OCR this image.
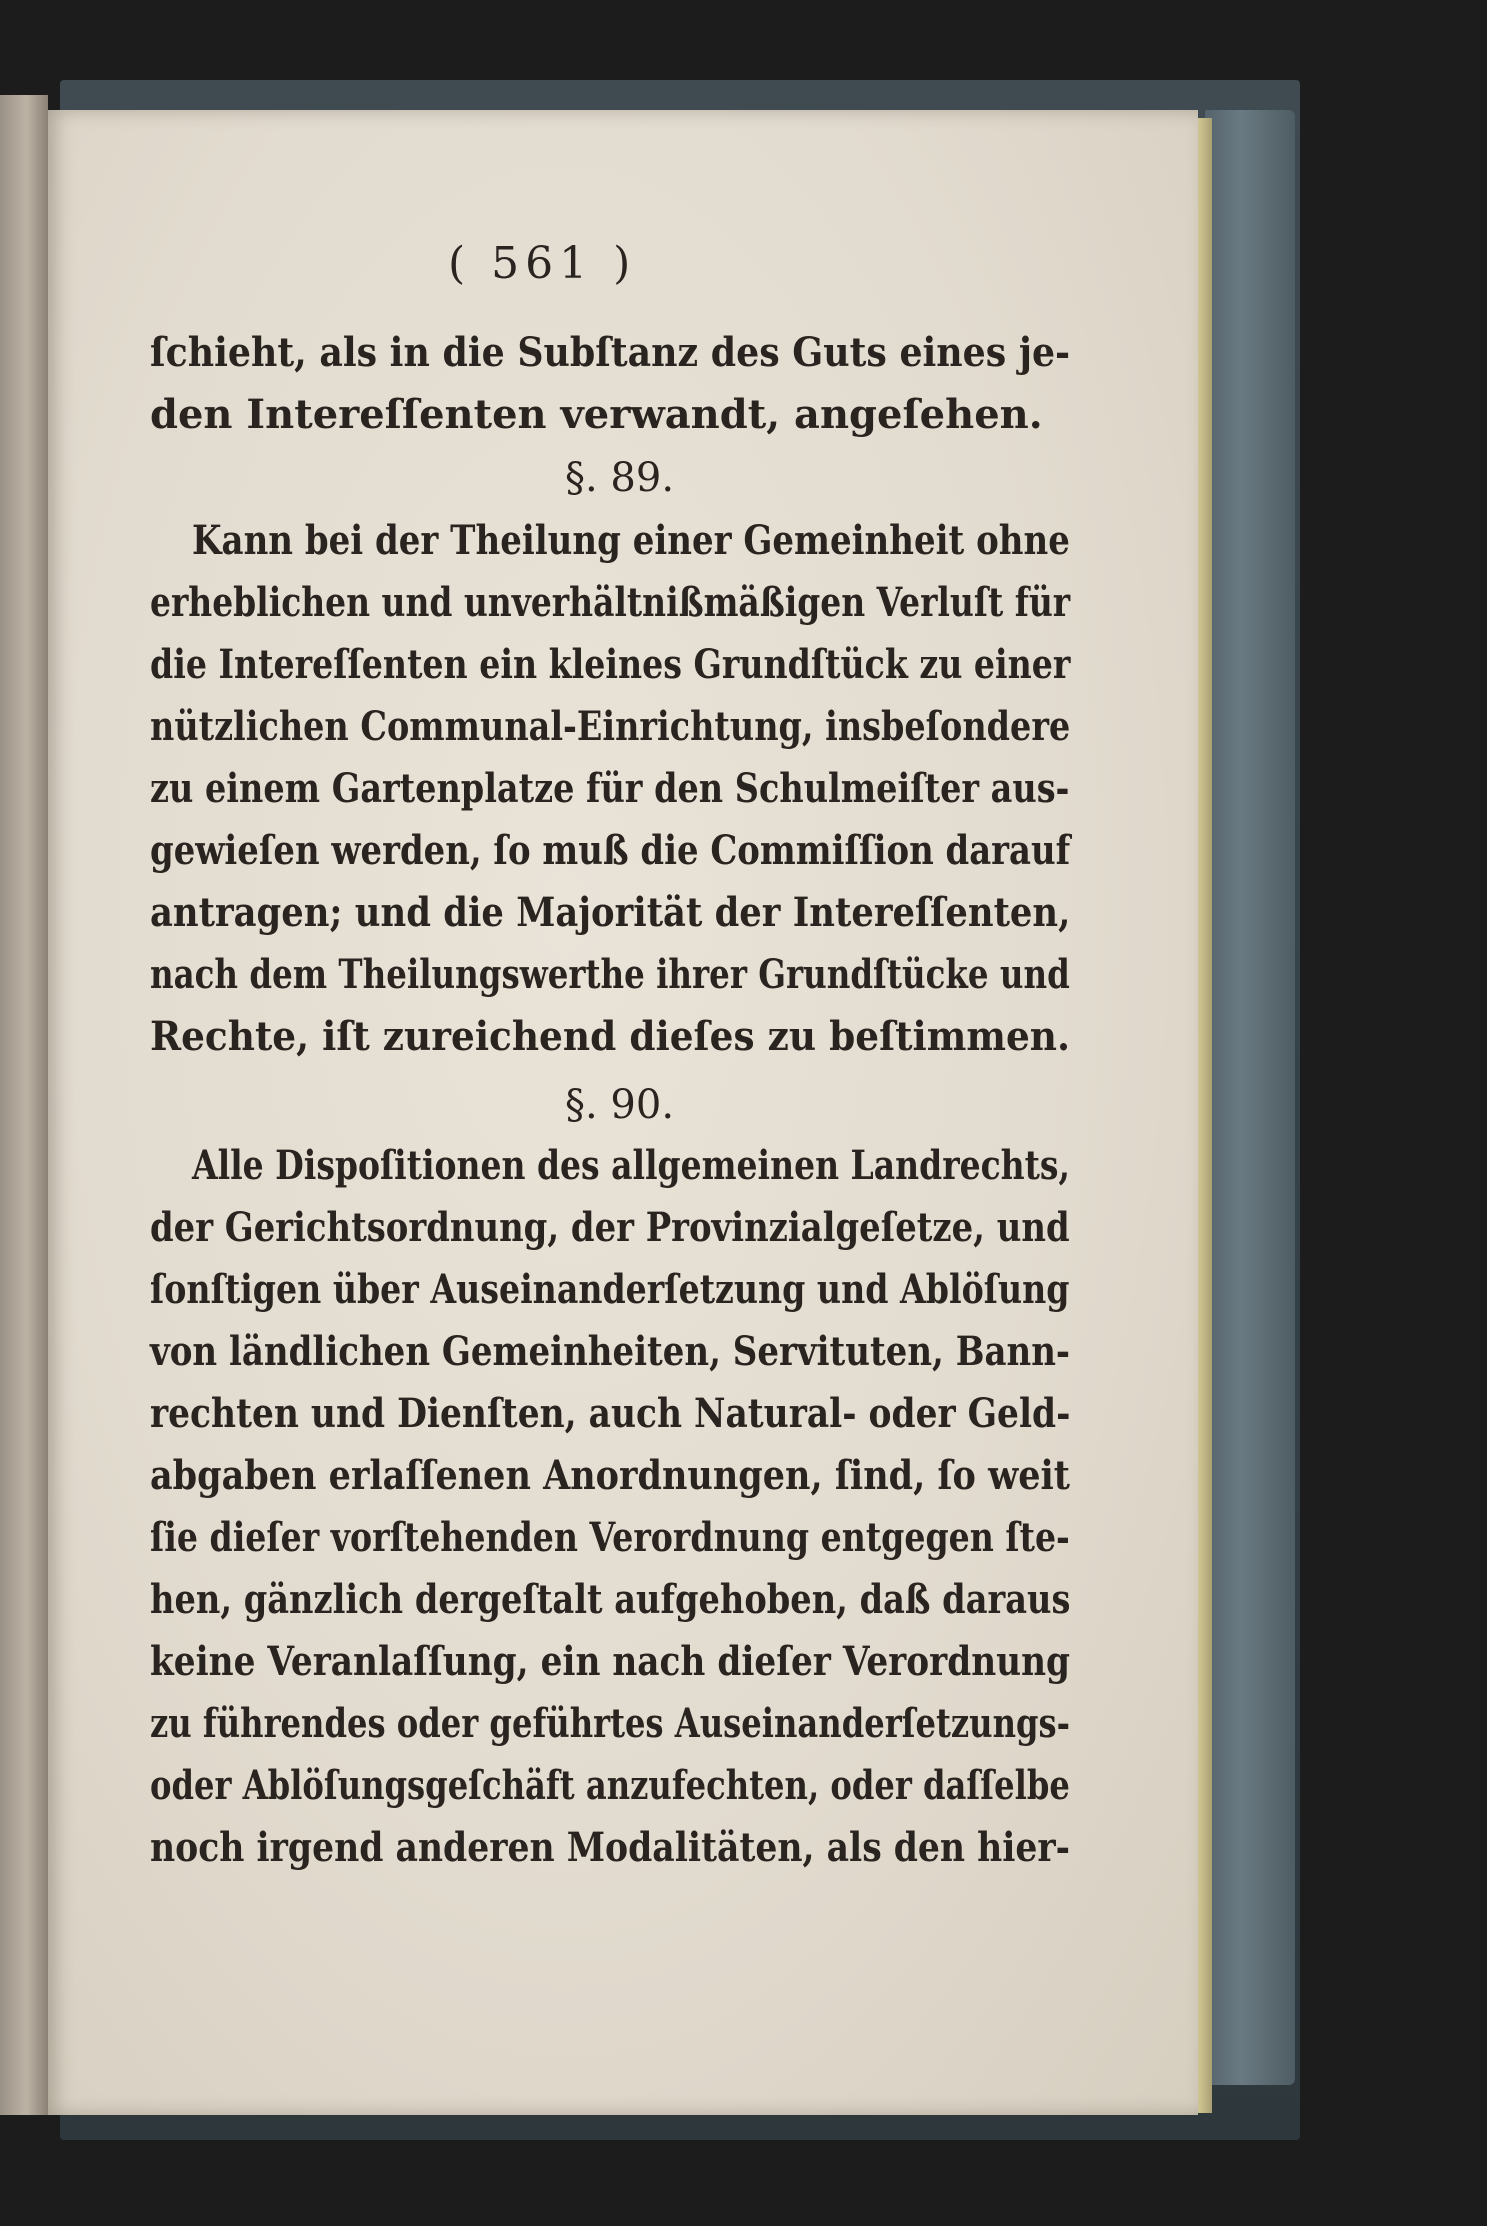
( 561 )
ſchieht, als in die Subſtanz des Guts eines je-
den Intereſſenten verwandt, angeſehen.
§. 89.
Kann bei der Theilung einer Gemeinheit ohne
erheblichen und unverhältnißmäßigen Verluſt für
die Intereſſenten ein kleines Grundſtück zu einer
nützlichen Communal-Einrichtung, insbeſondere
zu einem Gartenplatze für den Schulmeiſter aus-
gewieſen werden, ſo muß die Commiſſion darauf
antragen; und die Majorität der Intereſſenten,
nach dem Theilungswerthe ihrer Grundſtücke und
Rechte, iſt zureichend dieſes zu beſtimmen.
§. 90.
Alle Dispoſitionen des allgemeinen Landrechts,
der Gerichtsordnung, der Provinzialgeſetze, und
ſonſtigen über Auseinanderſetzung und Ablöſung
von ländlichen Gemeinheiten, Servituten, Bann-
rechten und Dienſten, auch Natural- oder Geld-
abgaben erlaſſenen Anordnungen, ſind, ſo weit
ſie dieſer vorſtehenden Verordnung entgegen ſte-
hen, gänzlich dergeſtalt aufgehoben, daß daraus
keine Veranlaſſung, ein nach dieſer Verordnung
zu führendes oder geführtes Auseinanderſetzungs-
oder Ablöſungsgeſchäft anzufechten, oder daſſelbe
noch irgend anderen Modalitäten, als den hier-
